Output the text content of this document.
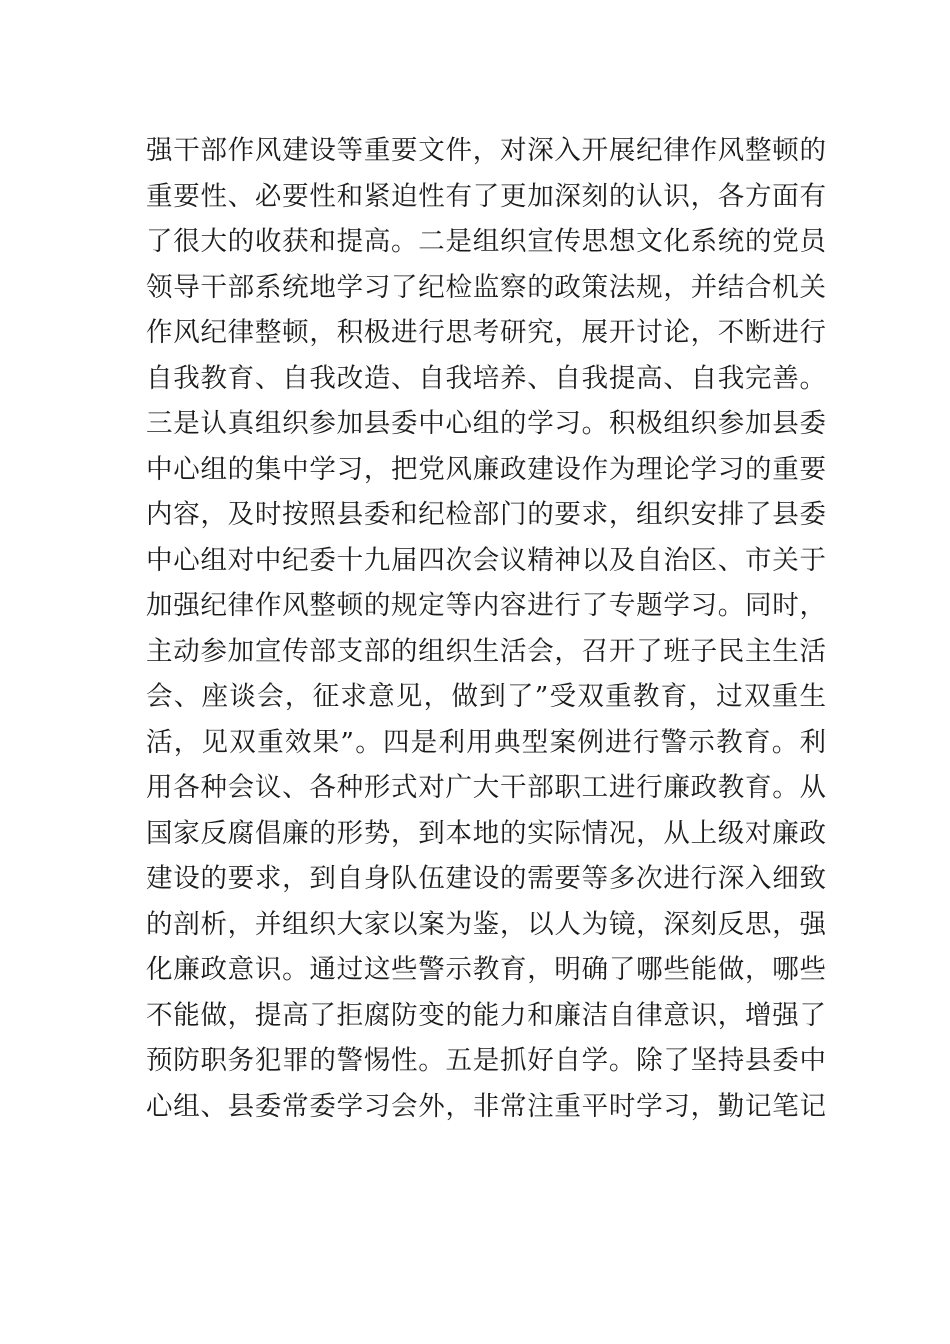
强干部作风建设等重要文件，对深入开展纪律作风整顿的
重要性、必要性和紧迫性有了更加深刻的认识，各方面有
了很大的收获和提高。二是组织宣传思想文化系统的党员
领导干部系统地学习了纪检监察的政策法规，并结合机关
作风纪律整顿，积极进行思考研究，展开讨论，不断进行
自我教育、自我改造、自我培养、自我提高、自我完善。
三是认真组织参加县委中心组的学习。积极组织参加县委
中心组的集中学习，把党风廉政建设作为理论学习的重要
内容，及时按照县委和纪检部门的要求，组织安排了县委
中心组对中纪委十九届四次会议精神以及自治区、市关于
加强纪律作风整顿的规定等内容进行了专题学习。同时，
主动参加宣传部支部的组织生活会，召开了班子民主生活
会、座谈会，征求意见，做到了”受双重教育，过双重生
活，见双重效果”。四是利用典型案例进行警示教育。利
用各种会议、各种形式对广大干部职工进行廉政教育。从
国家反腐倡廉的形势，到本地的实际情况，从上级对廉政
建设的要求，到自身队伍建设的需要等多次进行深入细致
的剖析，并组织大家以案为鉴，以人为镜，深刻反思，强
化廉政意识。通过这些警示教育，明确了哪些能做，哪些
不能做，提高了拒腐防变的能力和廉洁自律意识，增强了
预防职务犯罪的警惕性。五是抓好自学。除了坚持县委中
心组、县委常委学习会外，非常注重平时学习，勤记笔记
